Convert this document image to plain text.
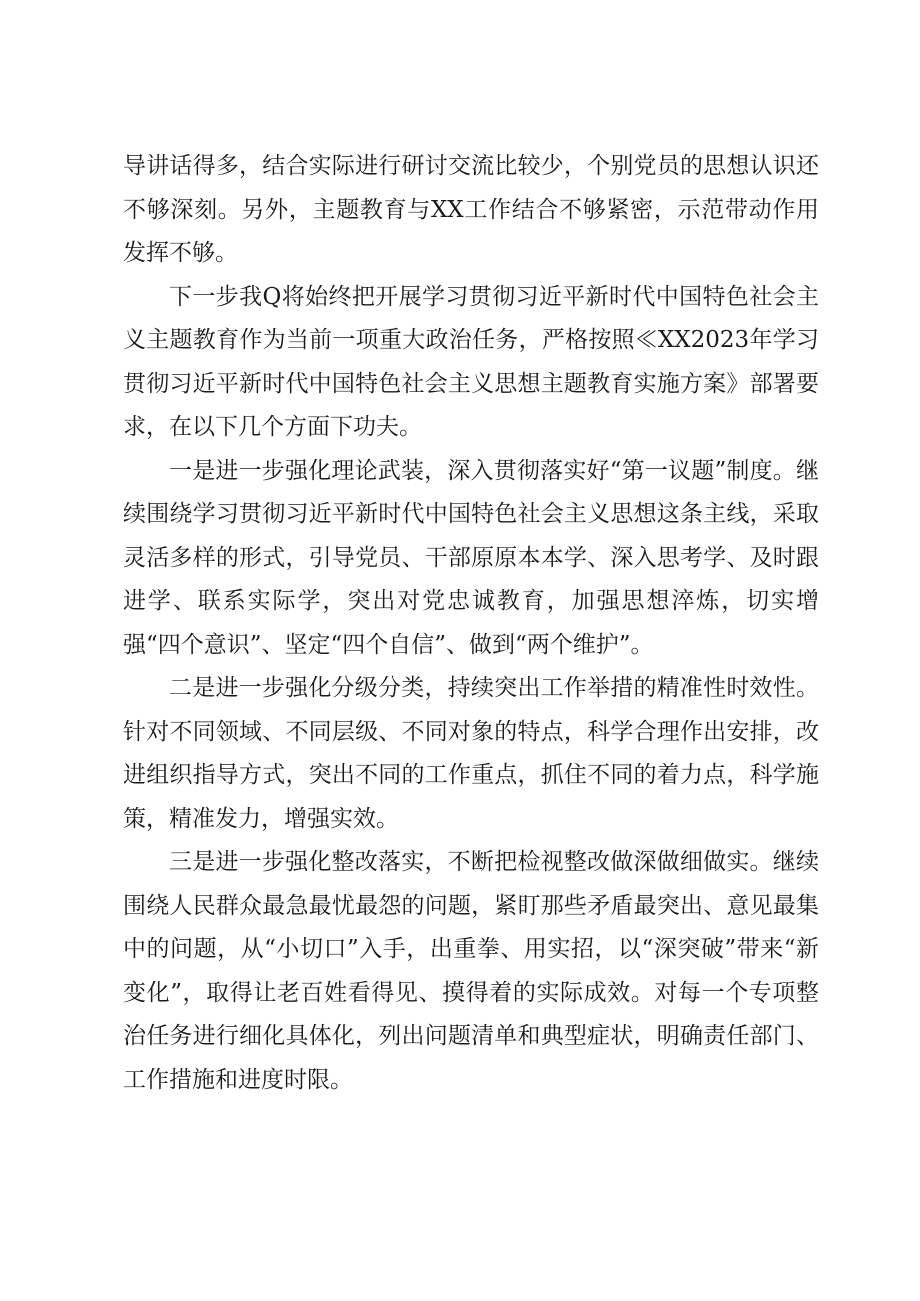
导讲话得多，结合实际进行研讨交流比较少，个别党员的思想认识还不够深刻。另外，主题教育与XX工作结合不够紧密，示范带动作用发挥不够。

下一步我Q将始终把开展学习贯彻习近平新时代中国特色社会主义主题教育作为当前一项重大政治任务，严格按照≪XX2023年学习贯彻习近平新时代中国特色社会主义思想主题教育实施方案》部署要求，在以下几个方面下功夫。

一是进一步强化理论武装，深入贯彻落实好“第一议题”制度。继续围绕学习贯彻习近平新时代中国特色社会主义思想这条主线，采取灵活多样的形式，引导党员、干部原原本本学、深入思考学、及时跟进学、联系实际学，突出对党忠诚教育，加强思想淬炼，切实增强“四个意识”、坚定“四个自信”、做到“两个维护”。

二是进一步强化分级分类，持续突出工作举措的精准性时效性。针对不同领域、不同层级、不同对象的特点，科学合理作出安排，改进组织指导方式，突出不同的工作重点，抓住不同的着力点，科学施策，精准发力，增强实效。

三是进一步强化整改落实，不断把检视整改做深做细做实。继续围绕人民群众最急最忧最怨的问题，紧盯那些矛盾最突出、意见最集中的问题，从“小切口”入手，出重拳、用实招，以“深突破”带来“新变化”，取得让老百姓看得见、摸得着的实际成效。对每一个专项整治任务进行细化具体化，列出问题清单和典型症状，明确责任部门、工作措施和进度时限。
